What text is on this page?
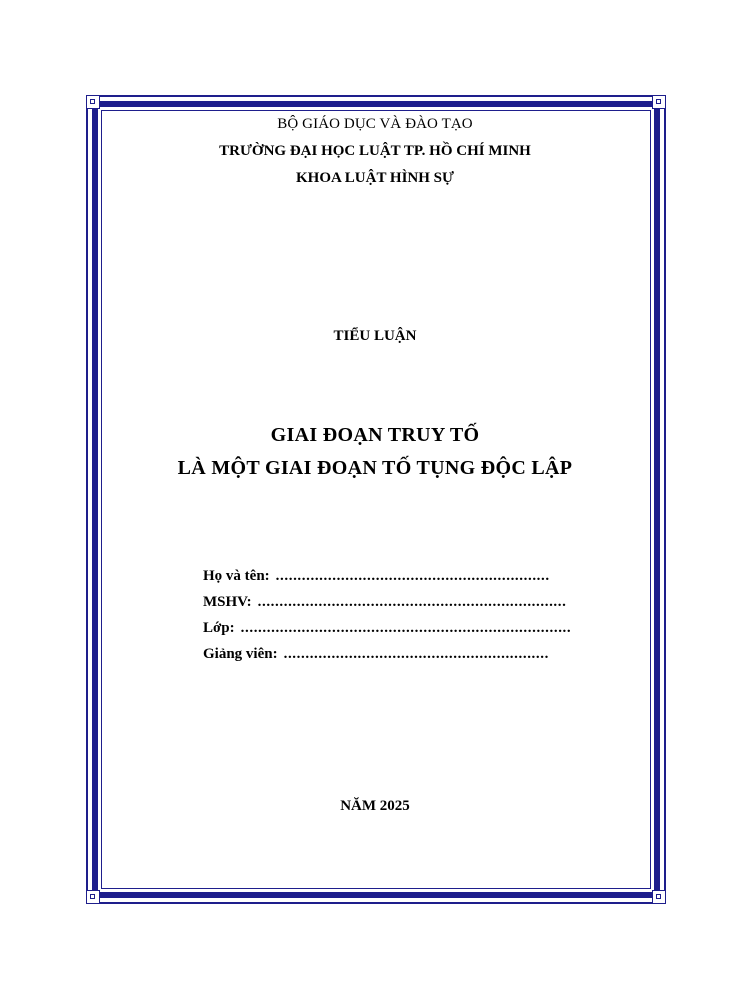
BỘ GIÁO DỤC VÀ ĐÀO TẠO
TRƯỜNG ĐẠI HỌC LUẬT TP. HỒ CHÍ MINH
KHOA LUẬT HÌNH SỰ
TIỂU LUẬN
GIAI ĐOẠN TRUY TỐ
LÀ MỘT GIAI ĐOẠN TỐ TỤNG ĐỘC LẬP
Họ và tên: ...............................................................
MSHV: .......................................................................
Lớp: ............................................................................
Giảng viên: .............................................................
NĂM 2025
